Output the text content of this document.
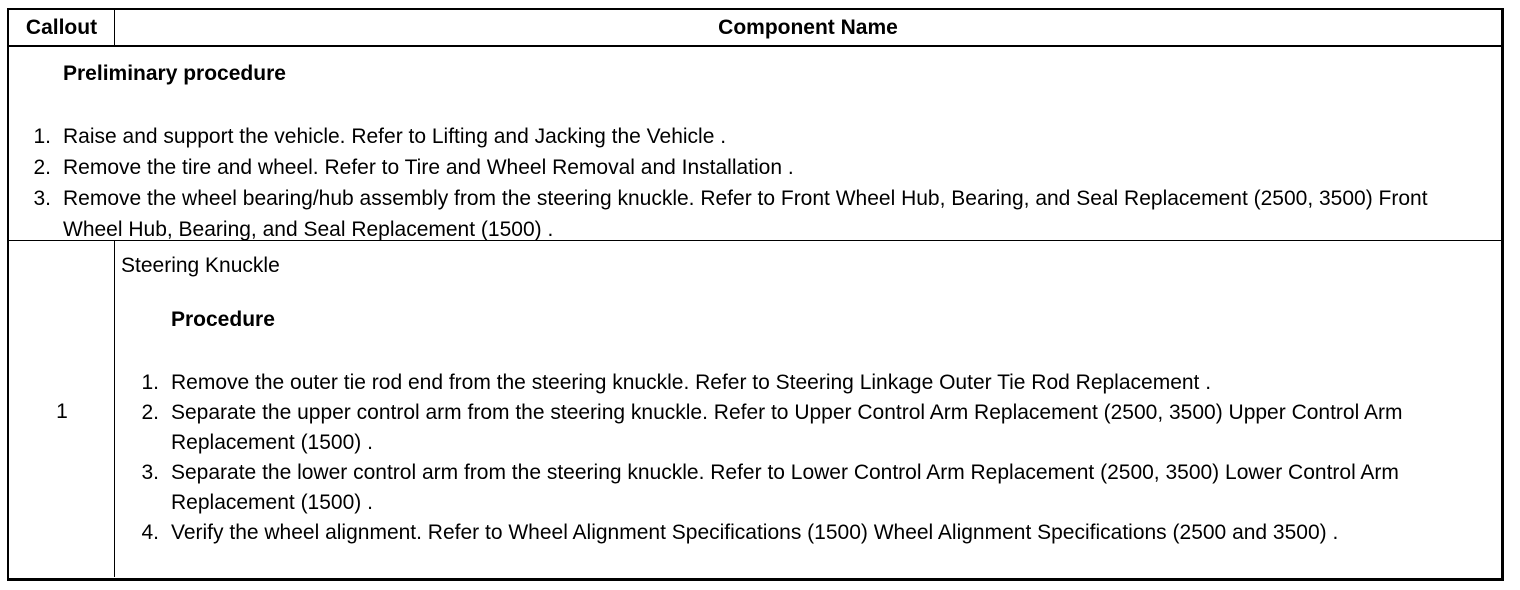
Callout	Component Name
Preliminary procedure
1. Raise and support the vehicle. Refer to Lifting and Jacking the Vehicle .
2. Remove the tire and wheel. Refer to Tire and Wheel Removal and Installation .
3. Remove the wheel bearing/hub assembly from the steering knuckle. Refer to Front Wheel Hub, Bearing, and Seal Replacement (2500, 3500) Front Wheel Hub, Bearing, and Seal Replacement (1500) .
1
Steering Knuckle
Procedure
1. Remove the outer tie rod end from the steering knuckle. Refer to Steering Linkage Outer Tie Rod Replacement .
2. Separate the upper control arm from the steering knuckle. Refer to Upper Control Arm Replacement (2500, 3500) Upper Control Arm Replacement (1500) .
3. Separate the lower control arm from the steering knuckle. Refer to Lower Control Arm Replacement (2500, 3500) Lower Control Arm Replacement (1500) .
4. Verify the wheel alignment. Refer to Wheel Alignment Specifications (1500) Wheel Alignment Specifications (2500 and 3500) .
